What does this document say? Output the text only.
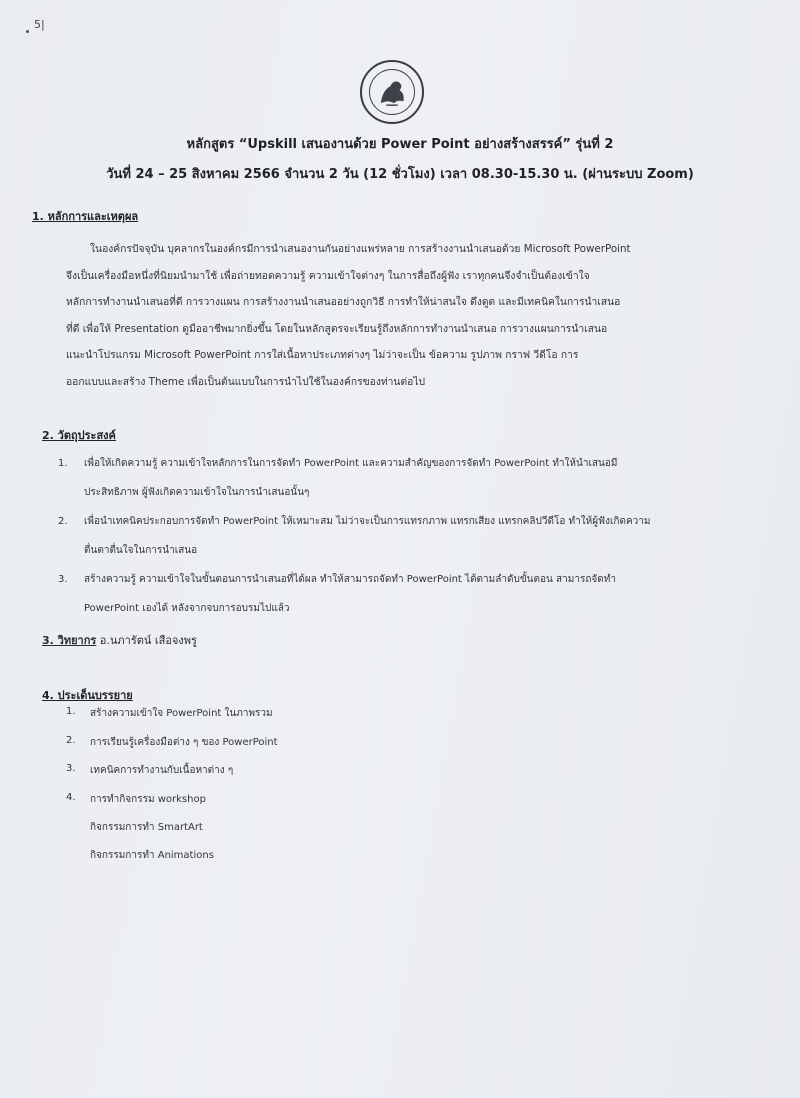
5|
หลักสูตร “Upskill เสนองานด้วย Power Point อย่างสร้างสรรค์” รุ่นที่ 2
วันที่ 24 – 25 สิงหาคม 2566 จำนวน 2 วัน (12 ชั่วโมง) เวลา 08.30-15.30 น. (ผ่านระบบ Zoom)
1. หลักการและเหตุผล
ในองค์กรปัจจุบัน บุคลากรในองค์กรมีการนำเสนองานกันอย่างแพร่หลาย การสร้างงานนำเสนอด้วย Microsoft PowerPoint
จึงเป็นเครื่องมือหนึ่งที่นิยมนำมาใช้ เพื่อถ่ายทอดความรู้ ความเข้าใจต่างๆ ในการสื่อถึงผู้ฟัง เราทุกคนจึงจำเป็นต้องเข้าใจ
หลักการทำงานนำเสนอที่ดี การวางแผน การสร้างงานนำเสนออย่างถูกวิธี การทำให้น่าสนใจ ดึงดูด และมีเทคนิคในการนำเสนอ
ที่ดี เพื่อให้ Presentation ดูมืออาชีพมากยิ่งขึ้น โดยในหลักสูตรจะเรียนรู้ถึงหลักการทำงานนำเสนอ การวางแผนการนำเสนอ
แนะนำโปรแกรม Microsoft PowerPoint การใส่เนื้อหาประเภทต่างๆ ไม่ว่าจะเป็น ข้อความ รูปภาพ กราฟ วีดีโอ การ
ออกแบบและสร้าง Theme เพื่อเป็นต้นแบบในการนำไปใช้ในองค์กรของท่านต่อไป
2. วัตถุประสงค์
1. เพื่อให้เกิดความรู้ ความเข้าใจหลักการในการจัดทำ PowerPoint และความสำคัญของการจัดทำ PowerPoint ทำให้นำเสนอมี
ประสิทธิภาพ ผู้ฟังเกิดความเข้าใจในการนำเสนอนั้นๆ
2. เพื่อนำเทคนิคประกอบการจัดทำ PowerPoint ให้เหมาะสม ไม่ว่าจะเป็นการแทรกภาพ แทรกเสียง แทรกคลิปวีดีโอ ทำให้ผู้ฟังเกิดความ
ตื่นตาตื่นใจในการนำเสนอ
3. สร้างความรู้ ความเข้าใจในขั้นตอนการนำเสนอที่ได้ผล ทำให้สามารถจัดทำ PowerPoint ได้ตามลำดับขั้นตอน สามารถจัดทำ
PowerPoint เองได้ หลังจากจบการอบรมไปแล้ว
3. วิทยากร อ.นภารัตน์ เสือจงพรู
4. ประเด็นบรรยาย
1. สร้างความเข้าใจ PowerPoint ในภาพรวม
2. การเรียนรู้เครื่องมือต่าง ๆ ของ PowerPoint
3. เทคนิคการทำงานกับเนื้อหาต่าง ๆ
4. การทำกิจกรรม workshop
กิจกรรมการทำ SmartArt
กิจกรรมการทำ Animations
